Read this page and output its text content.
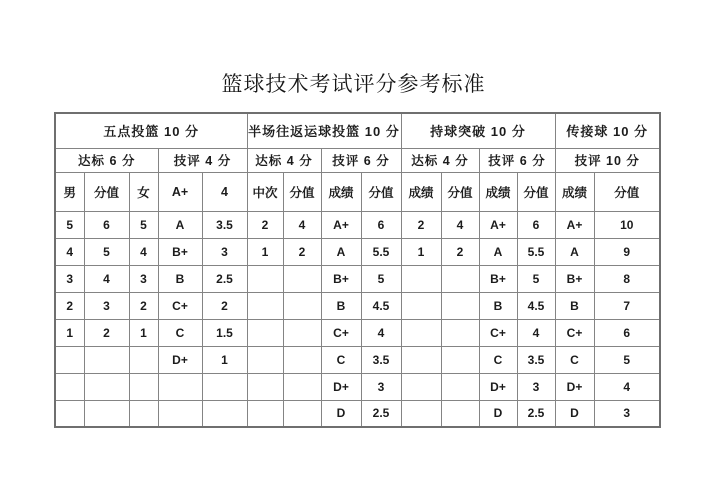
篮球技术考试评分参考标准
五点投篮 10 分					半场往返运球投篮 10 分				持球突破 10 分				传接球 10 分	
达标 6 分			技评 4 分		达标 4 分		技评 6 分		达标 4 分		技评 6 分		技评 10 分	
男	分值	女	A+	4	中次	分值	成绩	分值	成绩	分值	成绩	分值	成绩	分值
5	6	5	A	3.5	2	4	A+	6	2	4	A+	6	A+	10
4	5	4	B+	3	1	2	A	5.5	1	2	A	5.5	A	9
3	4	3	B	2.5			B+	5			B+	5	B+	8
2	3	2	C+	2			B	4.5			B	4.5	B	7
1	2	1	C	1.5			C+	4			C+	4	C+	6
			D+	1			C	3.5			C	3.5	C	5
							D+	3			D+	3	D+	4
							D	2.5			D	2.5	D	3
